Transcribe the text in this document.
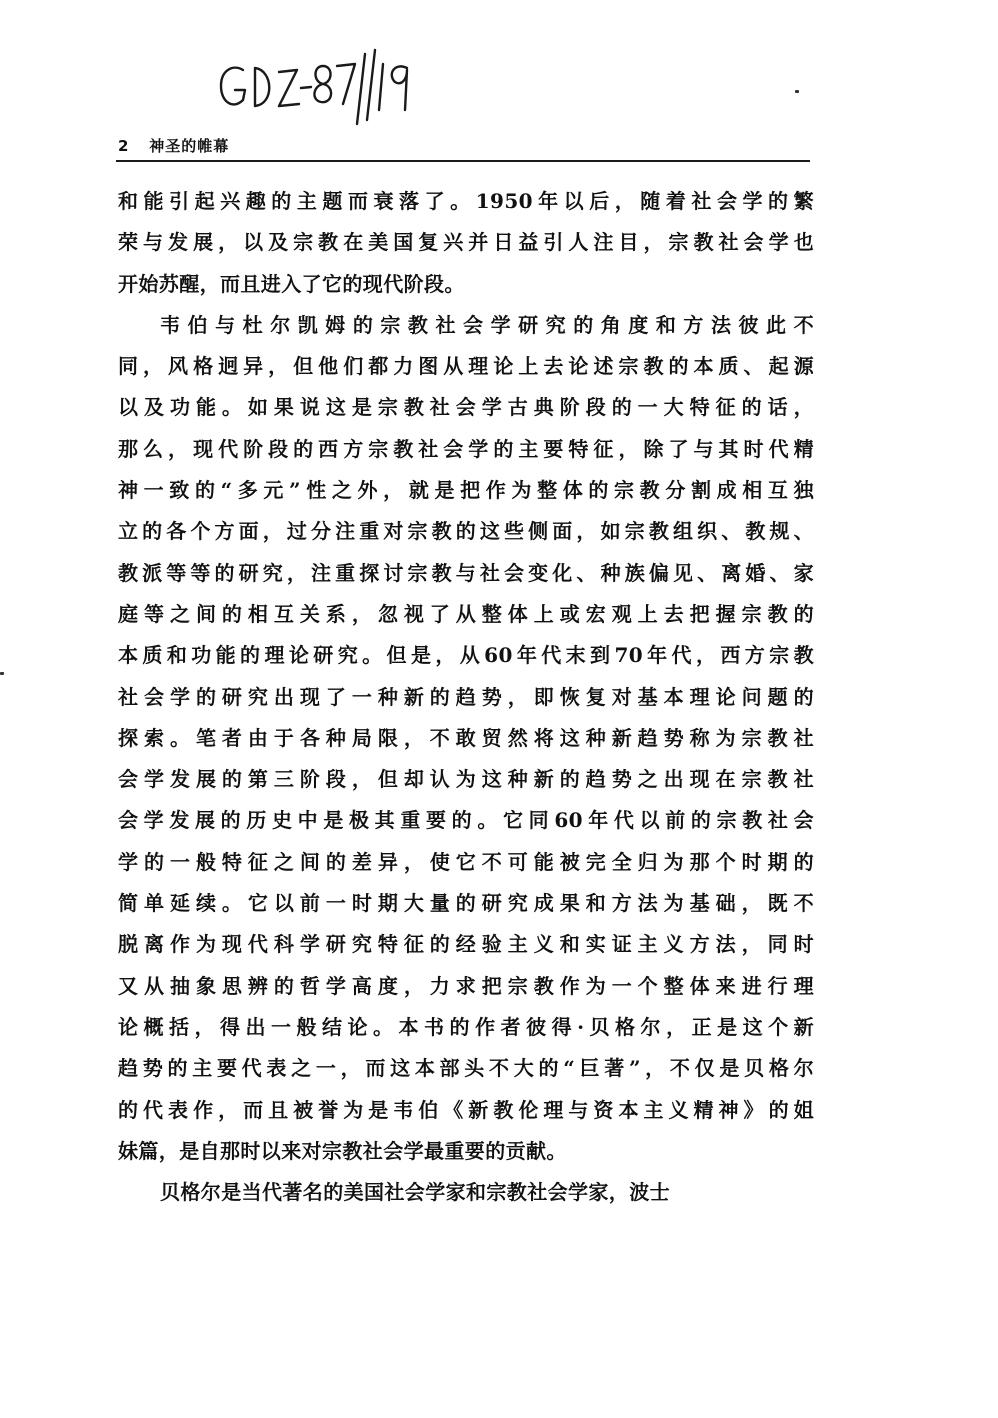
2 神圣的帷幕
和能引起兴趣的主题而衰落了。1950年以后，随着社会学的繁
荣与发展，以及宗教在美国复兴并日益引人注目，宗教社会学也
开始苏醒，而且进入了它的现代阶段。
韦伯与杜尔凯姆的宗教社会学研究的角度和方法彼此不
同，风格迥异，但他们都力图从理论上去论述宗教的本质、起源
以及功能。如果说这是宗教社会学古典阶段的一大特征的话，
那么，现代阶段的西方宗教社会学的主要特征，除了与其时代精
神一致的“多元”性之外，就是把作为整体的宗教分割成相互独
立的各个方面，过分注重对宗教的这些侧面，如宗教组织、教规、
教派等等的研究，注重探讨宗教与社会变化、种族偏见、离婚、家
庭等之间的相互关系，忽视了从整体上或宏观上去把握宗教的
本质和功能的理论研究。但是，从60年代末到70年代，西方宗教
社会学的研究出现了一种新的趋势，即恢复对基本理论问题的
探索。笔者由于各种局限，不敢贸然将这种新趋势称为宗教社
会学发展的第三阶段，但却认为这种新的趋势之出现在宗教社
会学发展的历史中是极其重要的。它同60年代以前的宗教社会
学的一般特征之间的差异，使它不可能被完全归为那个时期的
简单延续。它以前一时期大量的研究成果和方法为基础，既不
脱离作为现代科学研究特征的经验主义和实证主义方法，同时
又从抽象思辨的哲学高度，力求把宗教作为一个整体来进行理
论概括，得出一般结论。本书的作者彼得·贝格尔，正是这个新
趋势的主要代表之一，而这本部头不大的“巨著”，不仅是贝格尔
的代表作，而且被誉为是韦伯《新教伦理与资本主义精神》的姐
妹篇，是自那时以来对宗教社会学最重要的贡献。
贝格尔是当代著名的美国社会学家和宗教社会学家，波士
